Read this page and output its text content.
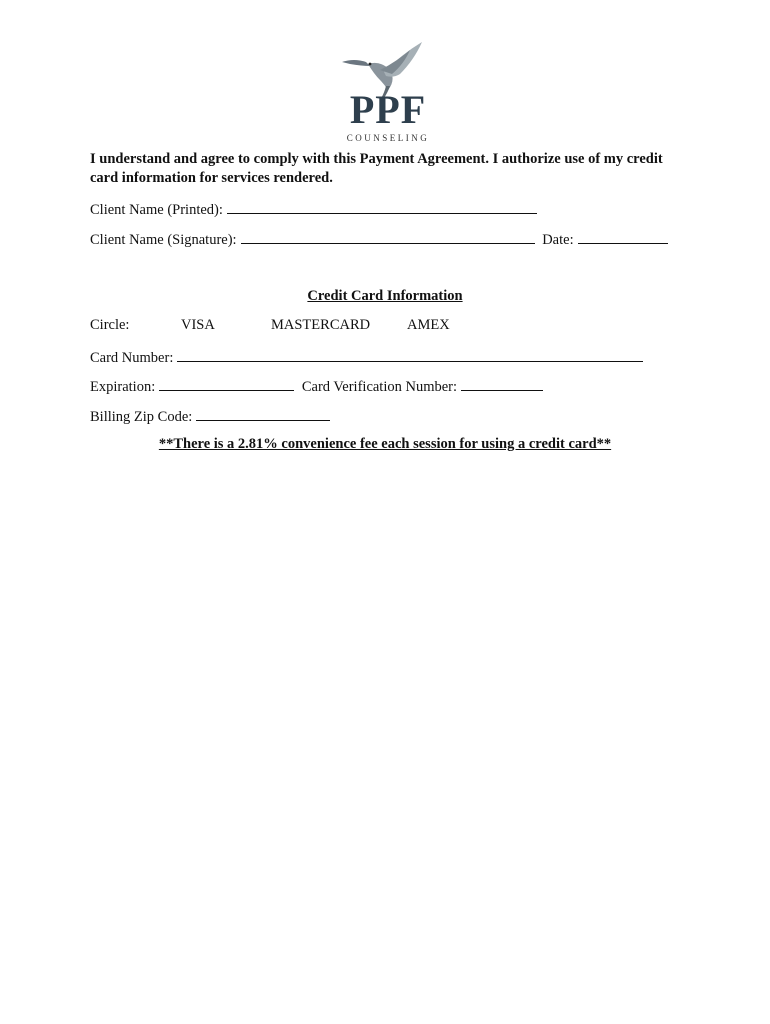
PPF
COUNSELING
I understand and agree to comply with this Payment Agreement. I authorize use of my credit card information for services rendered.
Client Name (Printed):
Client Name (Signature):	Date:
Credit Card Information
Circle:	VISA	MASTERCARD	AMEX
Card Number:
Expiration:	Card Verification Number:
Billing Zip Code:
**There is a 2.81% convenience fee each session for using a credit card**
